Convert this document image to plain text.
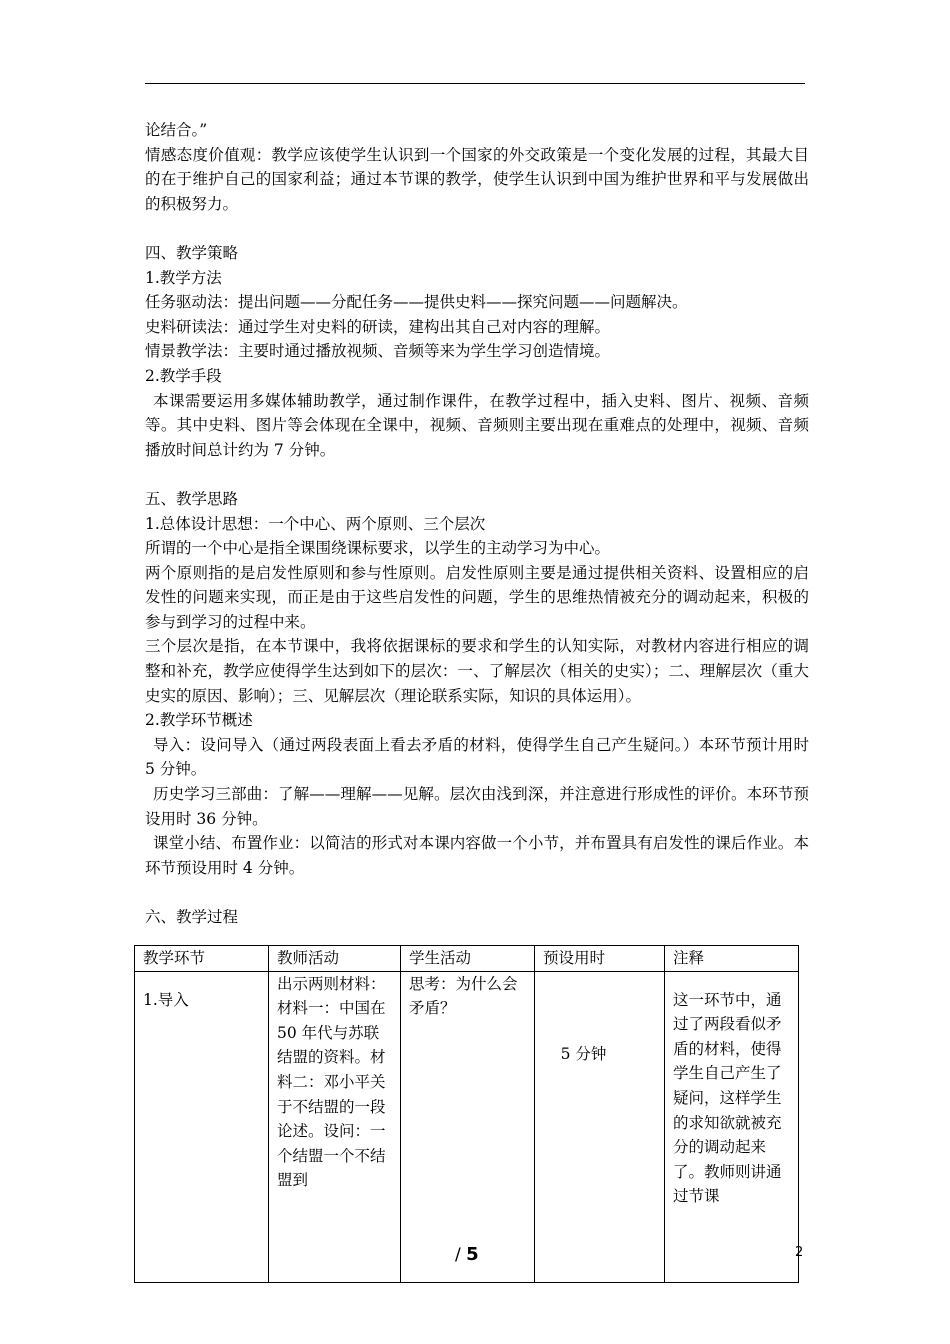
论结合。”

情感态度价值观：教学应该使学生认识到一个国家的外交政策是一个变化发展的过程，其最大目的在于维护自己的国家利益；通过本节课的教学，使学生认识到中国为维护世界和平与发展做出的积极努力。

四、教学策略

1.教学方法

任务驱动法：提出问题——分配任务——提供史料——探究问题——问题解决。

史料研读法：通过学生对史料的研读，建构出其自己对内容的理解。

情景教学法：主要时通过播放视频、音频等来为学生学习创造情境。

2.教学手段

本课需要运用多媒体辅助教学，通过制作课件，在教学过程中，插入史料、图片、视频、音频等。其中史料、图片等会体现在全课中，视频、音频则主要出现在重难点的处理中，视频、音频播放时间总计约为 7 分钟。

五、教学思路

1.总体设计思想：一个中心、两个原则、三个层次

所谓的一个中心是指全课围绕课标要求，以学生的主动学习为中心。

两个原则指的是启发性原则和参与性原则。启发性原则主要是通过提供相关资料、设置相应的启发性的问题来实现，而正是由于这些启发性的问题，学生的思维热情被充分的调动起来，积极的参与到学习的过程中来。

三个层次是指，在本节课中，我将依据课标的要求和学生的认知实际，对教材内容进行相应的调整和补充，教学应使得学生达到如下的层次：一、了解层次（相关的史实）；二、理解层次（重大史实的原因、影响）；三、见解层次（理论联系实际，知识的具体运用）。

2.教学环节概述

导入：设问导入（通过两段表面上看去矛盾的材料，使得学生自己产生疑问。）本环节预计用时 5 分钟。

历史学习三部曲：了解——理解——见解。层次由浅到深，并注意进行形成性的评价。本环节预设用时 36 分钟。

课堂小结、布置作业：以简洁的形式对本课内容做一个小节，并布置具有启发性的课后作业。本环节预设用时 4 分钟。

六、教学过程

教学环节	教师活动	学生活动	预设用时	注释
1.导入	出示两则材料：材料一：中国在 50 年代与苏联结盟的资料。材料二：邓小平关于不结盟的一段论述。设问：一个结盟一个不结盟到	思考：为什么会矛盾？	5 分钟	这一环节中，通过了两段看似矛盾的材料，使得学生自己产生了疑问，这样学生的求知欲就被充分的调动起来了。教师则讲通过节课
/ 5	2
